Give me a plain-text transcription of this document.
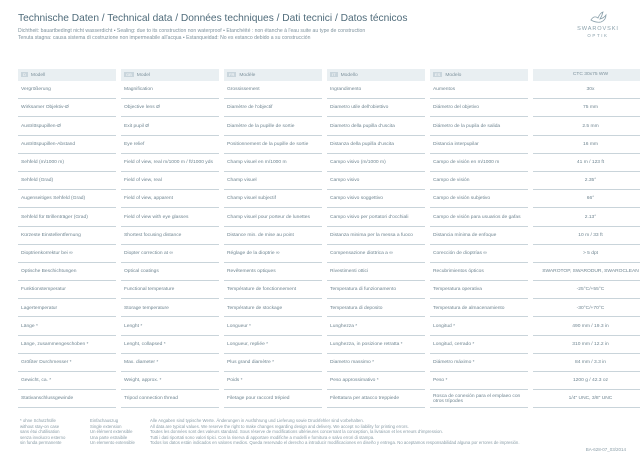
Technische Daten / Technical data / Données techniques / Dati tecnici / Datos técnicos
Dichtheit: bauartbedingt nicht wasserdicht ▪ Sealing: due to its construction non waterproof ▪ Etanchéité : non étanche à l'eau suite au type de construction
Tenuta stagna: causa sistema di costruzione non impermeabile all'acqua ▪ Estanqueidad: No es estanco debido a su construcción
SWAROVSKI
OPTIK
D Modell	GB Model	FR Modèle	IT Modello	ES Modelo	CTC 30x75 WW
Vergrößerung	Magnification	Grossissement	Ingrandimento	Aumentos	30x
Wirksamer Objektiv-Ø	Objective lens Ø	Diamètre de l'objectif	Diametro utile dell'obiettivo	Diámetro del objetivo	75 mm
Austrittspupillen-Ø	Exit pupil Ø	Diamètre de la pupille de sortie	Diametro della pupilla d'uscita	Diámetro de la pupila de salida	2.5 mm
Austrittspupillen-Abstand	Eye relief	Positionnement de la pupille de sortie	Distanza della pupilla d'uscita	Distancia interpupilar	16 mm
Sehfeld (m/1000 m)	Field of view, real m/1000 m / ft/1000 yds	Champ visuel en m/1000 m	Campo visivo (m/1000 m)	Campo de visión en m/1000 m	41 m / 123 ft
Sehfeld (Grad)	Field of view, real	Champ visuel	Campo visivo	Campo de visión	2.35°
Augenseitiges Sehfeld (Grad)	Field of view, apparent	Champ visuel subjectif	Campo visivo soggettivo	Campo de visión subjetivo	66°
Sehfeld für Brillenträger (Grad)	Field of view with eye glasses	Champ visuel pour porteur de lunettes	Campo visivo per portatori d'occhiali	Campo de visión para usuarios de gafas	2.13°
Kürzeste Einstellentfernung	Shortest focusing distance	Distance min. de mise au point	Distanza minima per la messa a fuoco	Distancia mínima de enfoque	10 m / 33 ft
Dioptrienkorrektur bei ∞	Diopter correction at ∞	Réglage de la dioptrie ∞	Compensazione diottrica a ∞	Corección de dioptrías ∞	> 5 dpt
Optische Beschichtungen	Optical coatings	Revêtements optiques	Rivestimenti ottici	Recubrimientos ópticos	SWAROTOP, SWARODUR, SWAROCLEAN
Funktionstemperatur	Functional temperature	Température de fonctionnement	Temperatura di funzionamento	Temperatura operativa	-25°C/+55°C
Lagertemperatur	Storage temperature	Température de stockage	Temperatura di deposito	Temperatura de almacenamiento	-30°C/+70°C
Länge *	Lenght *	Longueur *	Lunghezza *	Longitud *	490 mm / 19.3 in
Länge, zusammengeschoben *	Lenght, collapsed *	Longueur, repliée *	Lunghezza, in posizione retratta *	Longitud, cerrado *	310 mm / 12.2 in
Größter Durchmesser *	Max. diameter *	Plus grand diamètre *	Diametro massimo *	Diámetro máximo *	84 mm / 3.3 in
Gewicht, ca. *	Weight, approx. *	Poids *	Peso approssimativo *	Peso *	1200 g / 42.3 oz
Stativanschlussgewinde	Tripod connection thread	Filetage pour raccord trépied	Filettatura per attacco treppiede	Rosca de conexión para el emplaeo con otros trípodes	1/4" UNC, 3/8" UNC
* ohne Schutzhülle
without stay-on case
sans étui d'utilisation
senza involucro esterno
sin funda permanente
Einfachauszug
Single extension
Un élément extensible
Una parte estraibile
Un elemento extensible
Alle Angaben sind typische Werte. Änderungen in Ausführung und Lieferung sowie Druckfehler sind vorbehalten.
All data are typical values. We reserve the right to make changes regarding design and delivery. We accept no liability for printing errors.
Toutes les données sont des valeurs standard. Sous réserve de modifications ultérieures concernant la conception, la livraison et les erreurs d'impression.
Tutti i dati riportati sono valori tipici. Con la riserva di apportare modifiche a modelli e fornitura e salvo errori di stampa.
Todos los datos están indicados en valores medios. Queda reservado el derecho a introducir modificaciones en diseño y entrega. No aceptamos responsabilidad alguna por errores de impresión.
BA-628-07_03/2014
